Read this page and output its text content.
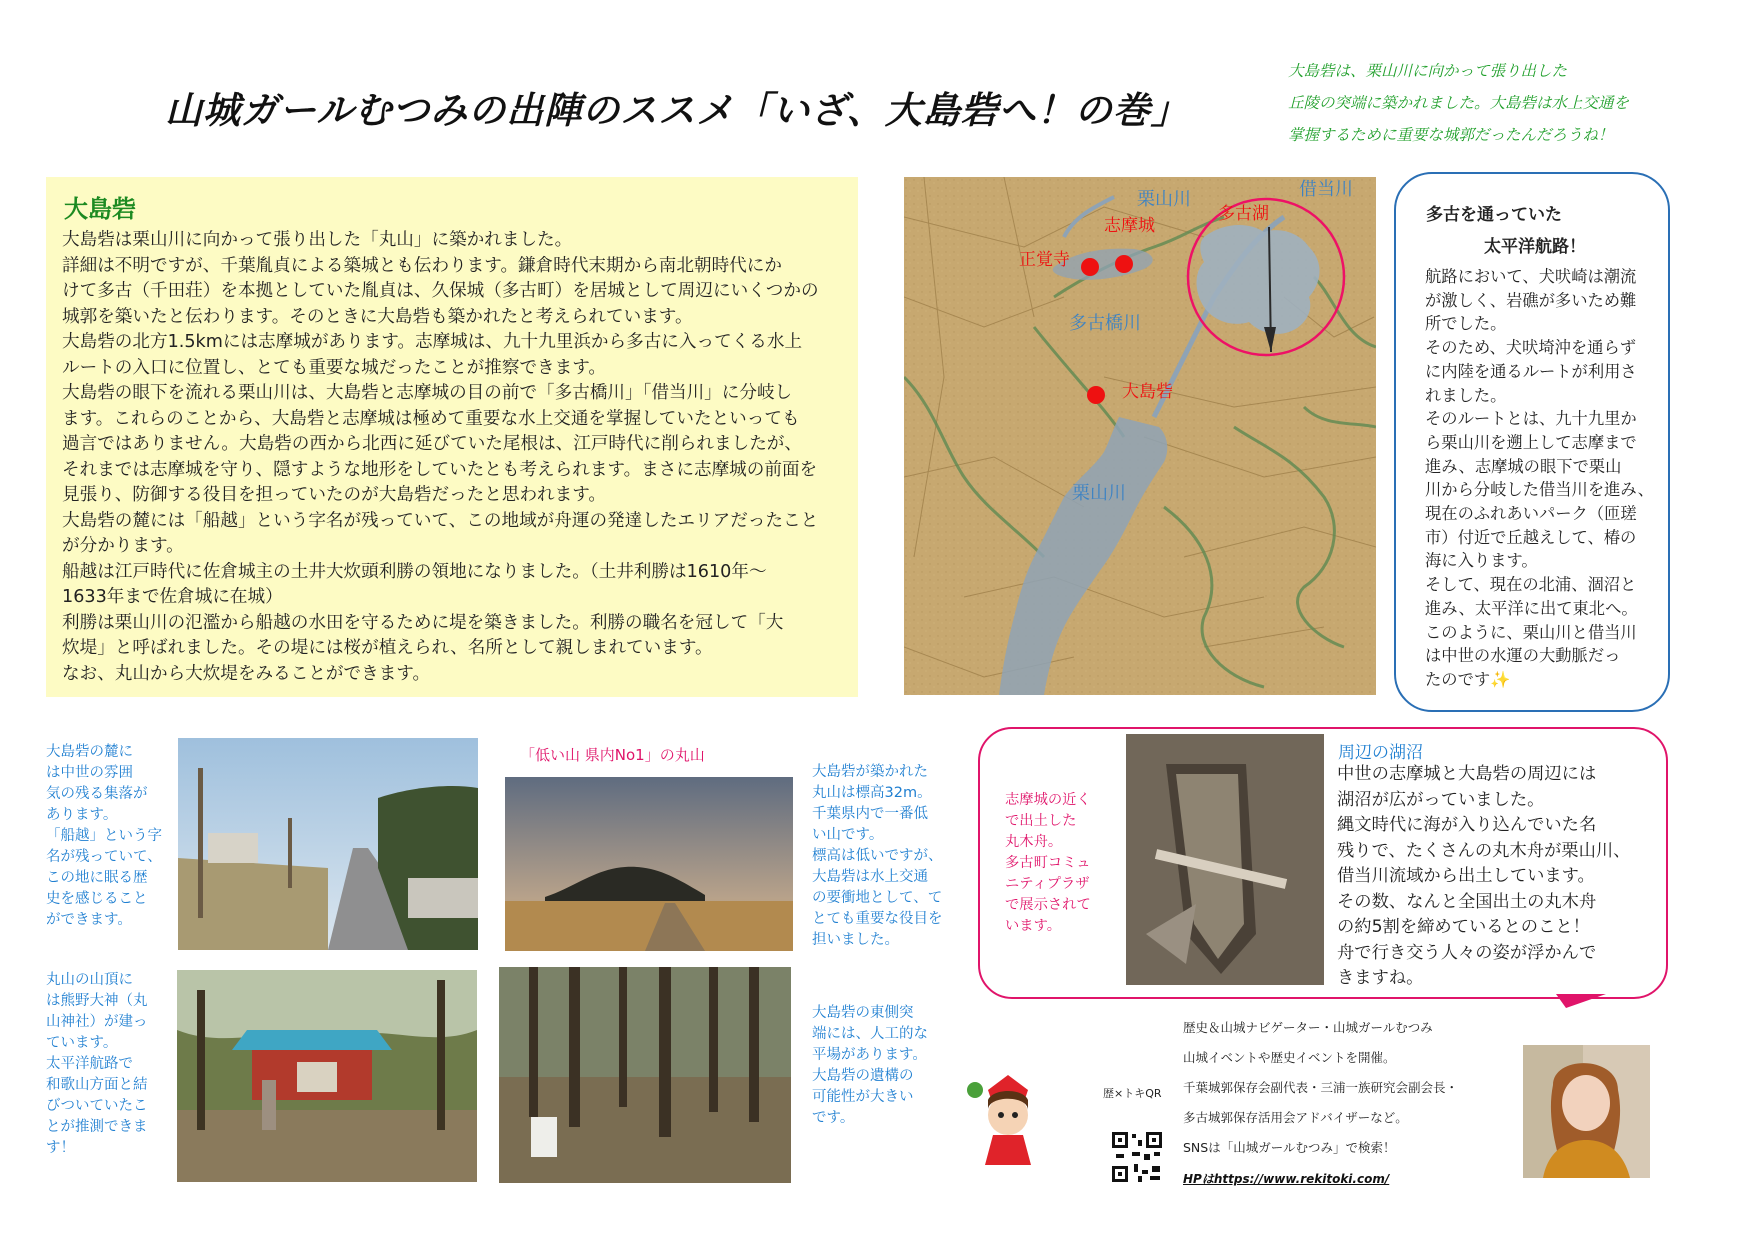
山城ガールむつみの出陣のススメ「いざ、大島砦へ！の巻」
大島砦は、栗山川に向かって張り出した
丘陵の突端に築かれました。大島砦は水上交通を
掌握するために重要な城郭だったんだろうね！
大島砦

大島砦は栗山川に向かって張り出した「丸山」に築かれました。
詳細は不明ですが、千葉胤貞による築城とも伝わります。鎌倉時代末期から南北朝時代にか
けて多古（千田荘）を本拠としていた胤貞は、久保城（多古町）を居城として周辺にいくつかの
城郭を築いたと伝わります。そのときに大島砦も築かれたと考えられています。
大島砦の北方1.5kmには志摩城があります。志摩城は、九十九里浜から多古に入ってくる水上
ルートの入口に位置し、とても重要な城だったことが推察できます。
大島砦の眼下を流れる栗山川は、大島砦と志摩城の目の前で「多古橋川」「借当川」に分岐し
ます。これらのことから、大島砦と志摩城は極めて重要な水上交通を掌握していたといっても
過言ではありません。大島砦の西から北西に延びていた尾根は、江戸時代に削られましたが、
それまでは志摩城を守り、隠すような地形をしていたとも考えられます。まさに志摩城の前面を
見張り、防御する役目を担っていたのが大島砦だったと思われます。
大島砦の麓には「船越」という字名が残っていて、この地域が舟運の発達したエリアだったこと
が分かります。
船越は江戸時代に佐倉城主の土井大炊頭利勝の領地になりました。（土井利勝は1610年～
1633年まで佐倉城に在城）
利勝は栗山川の氾濫から船越の水田を守るために堤を築きました。利勝の職名を冠して「大
炊堤」と呼ばれました。その堤には桜が植えられ、名所として親しまれています。
なお、丸山から大炊堤をみることができます。

栗山川	借当川
志摩城
多古湖
正覚寺
多古橋川
大島砦
栗山川
多古を通っていた
太平洋航路！
航路において、犬吠崎は潮流
が激しく、岩礁が多いため難
所でした。
そのため、犬吠埼沖を通らず
に内陸を通るルートが利用さ
れました。
そのルートとは、九十九里か
ら栗山川を遡上して志摩まで
進み、志摩城の眼下で栗山
川から分岐した借当川を進み、
現在のふれあいパーク（匝瑳
市）付近で丘越えして、椿の
海に入ります。
そして、現在の北浦、涸沼と
進み、太平洋に出て東北へ。
このように、栗山川と借当川
は中世の水運の大動脈だっ
たのです✨
大島砦の麓に
は中世の雰囲
気の残る集落が
あります。
「船越」という字
名が残っていて、
この地に眠る歴
史を感じること
ができます。
「低い山 県内No1」の丸山
大島砦が築かれた
丸山は標高32m。
千葉県内で一番低
い山です。
標高は低いですが、
大島砦は水上交通
の要衝地として、て
とても重要な役目を
担いました。
丸山の山頂に
は熊野大神（丸
山神社）が建っ
ています。
太平洋航路で
和歌山方面と結
びついていたこ
とが推測できま
す！
大島砦の東側突
端には、人工的な
平場があります。
大島砦の遺構の
可能性が大きい
です。
志摩城の近く
で出土した
丸木舟。
多古町コミュ
ニティプラザ
で展示されて
います。
周辺の湖沼
中世の志摩城と大島砦の周辺には
湖沼が広がっていました。
縄文時代に海が入り込んでいた名
残りで、たくさんの丸木舟が栗山川、
借当川流域から出土しています。
その数、なんと全国出土の丸木舟
の約5割を締めているとのこと！
舟で行き交う人々の姿が浮かんで
きますね。
歴×トキQR
歴史＆山城ナビゲーター・山城ガールむつみ
山城イベントや歴史イベントを開催。
千葉城郭保存会副代表・三浦一族研究会副会長・
多古城郭保存活用会アドバイザーなど。
SNSは「山城ガールむつみ」で検索！
HPはhttps://www.rekitoki.com/
